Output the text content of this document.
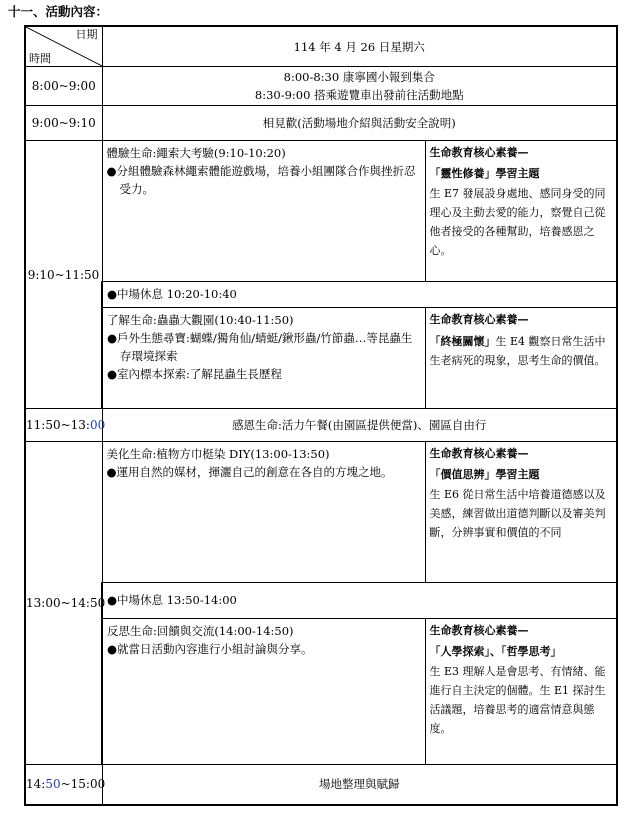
十一、活動內容：
日期
時間	114 年 4 月 26 日星期六	
8:00~9:00	8:00-8:30 康寧國小報到集合
8:30-9:00 搭乘遊覽車出發前往活動地點	

9:00~9:10	相見歡(活動場地介紹與活動安全說明)	
9:10~11:50	體驗生命:繩索大考驗(9:10-10:20)
●分組體驗森林繩索體能遊戲場，培養小組團隊合作與挫折忍受力。	生命教育核心素養—
「靈性修養」學習主題
生 E7 發展設身處地、感同身受的同理心及主動去愛的能力，察覺自己從他者接受的各種幫助，培養感恩之心。

	●中場休息 10:20-10:40	

	了解生命:蟲蟲大觀園(10:40-11:50)
●戶外生態尋寶:蝴蝶/獨角仙/蜻蜓/鍬形蟲/竹節蟲…等昆蟲生存環境探索
●室內標本探索:了解昆蟲生長歷程	生命教育核心素養—
「終極關懷」生 E4 觀察日常生活中生老病死的現象，思考生命的價值。

11:50~13:00	感恩生命:活力午餐(由園區提供便當)、園區自由行	
13:00~14:50	美化生命:植物方巾梃染 DIY(13:00-13:50)
●運用自然的媒材，揮灑自己的創意在各自的方塊之地。	生命教育核心素養—
「價值思辨」學習主題
生 E6 從日常生活中培養道德感以及美感，練習做出道德判斷以及審美判斷，分辨事實和價值的不同

	●中場休息 13:50-14:00	

	反思生命:回饋與交流(14:00-14:50)
●就當日活動內容進行小組討論與分享。	生命教育核心素養—
「人學探索」、「哲學思考」
生 E3 理解人是會思考、有情緒、能進行自主決定的個體。生 E1 探討生活議題，培養思考的適當情意與態度。

14:50~15:00	場地整理與賦歸	
